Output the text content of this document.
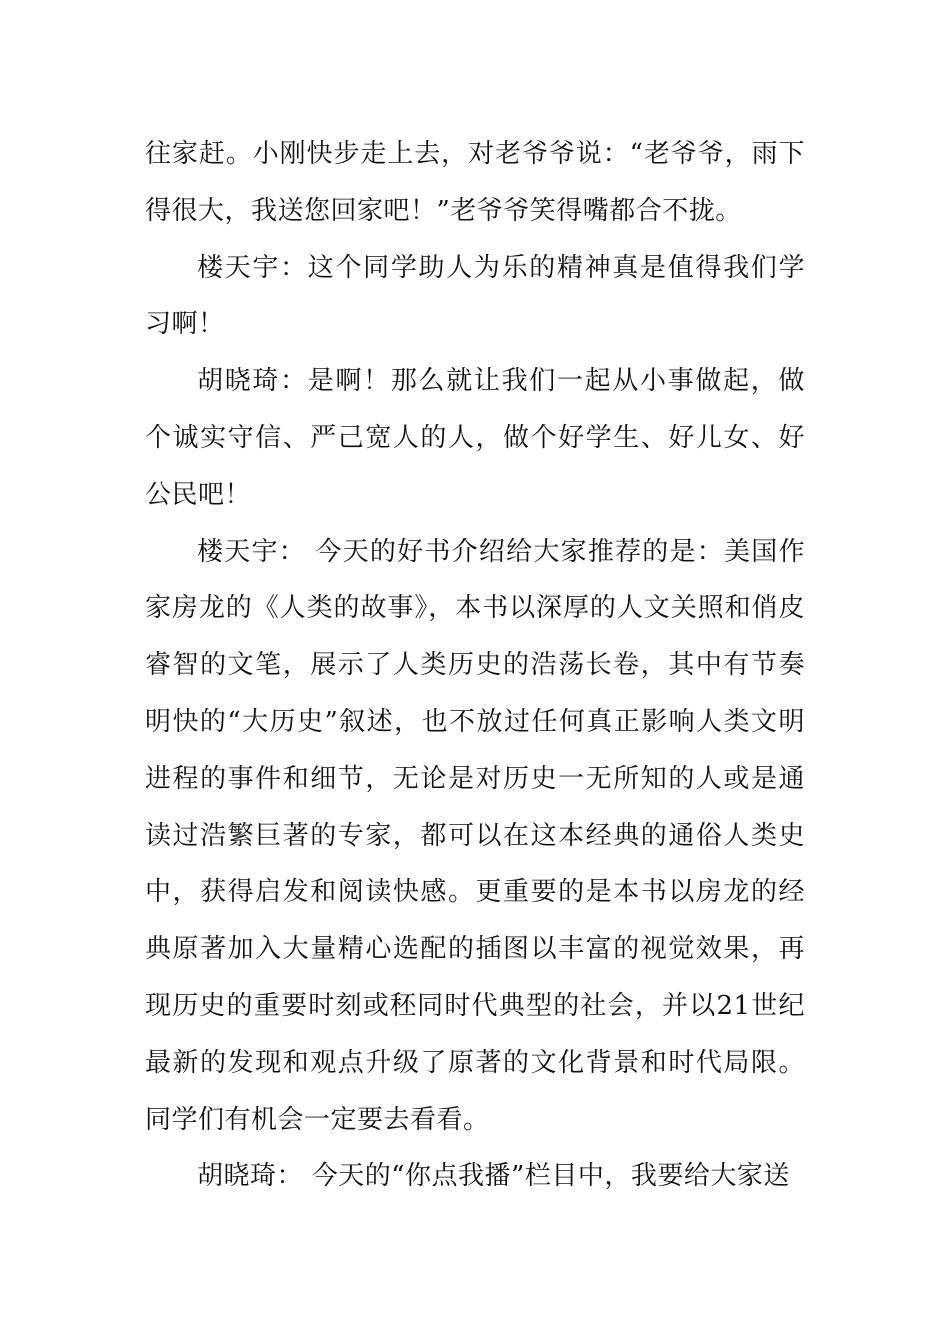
往家赶。小刚快步走上去，对老爷爷说：“老爷爷，雨下得很大，我送您回家吧！”老爷爷笑得嘴都合不拢。

楼天宇：这个同学助人为乐的精神真是值得我们学习啊！

胡晓琦：是啊！那么就让我们一起从小事做起，做个诚实守信、严己宽人的人，做个好学生、好儿女、好公民吧！

楼天宇： 今天的好书介绍给大家推荐的是：美国作家房龙的《人类的故事》，本书以深厚的人文关照和俏皮睿智的文笔，展示了人类历史的浩荡长卷，其中有节奏明快的“大历史”叙述，也不放过任何真正影响人类文明进程的事件和细节，无论是对历史一无所知的人或是通读过浩繁巨著的专家，都可以在这本经典的通俗人类史中，获得启发和阅读快感。更重要的是本书以房龙的经典原著加入大量精心选配的插图以丰富的视觉效果，再现历史的重要时刻或秠同时代典型的社会，并以21世纪最新的发现和观点升级了原著的文化背景和时代局限。同学们有机会一定要去看看。

胡晓琦： 今天的“你点我播”栏目中，我要给大家送
